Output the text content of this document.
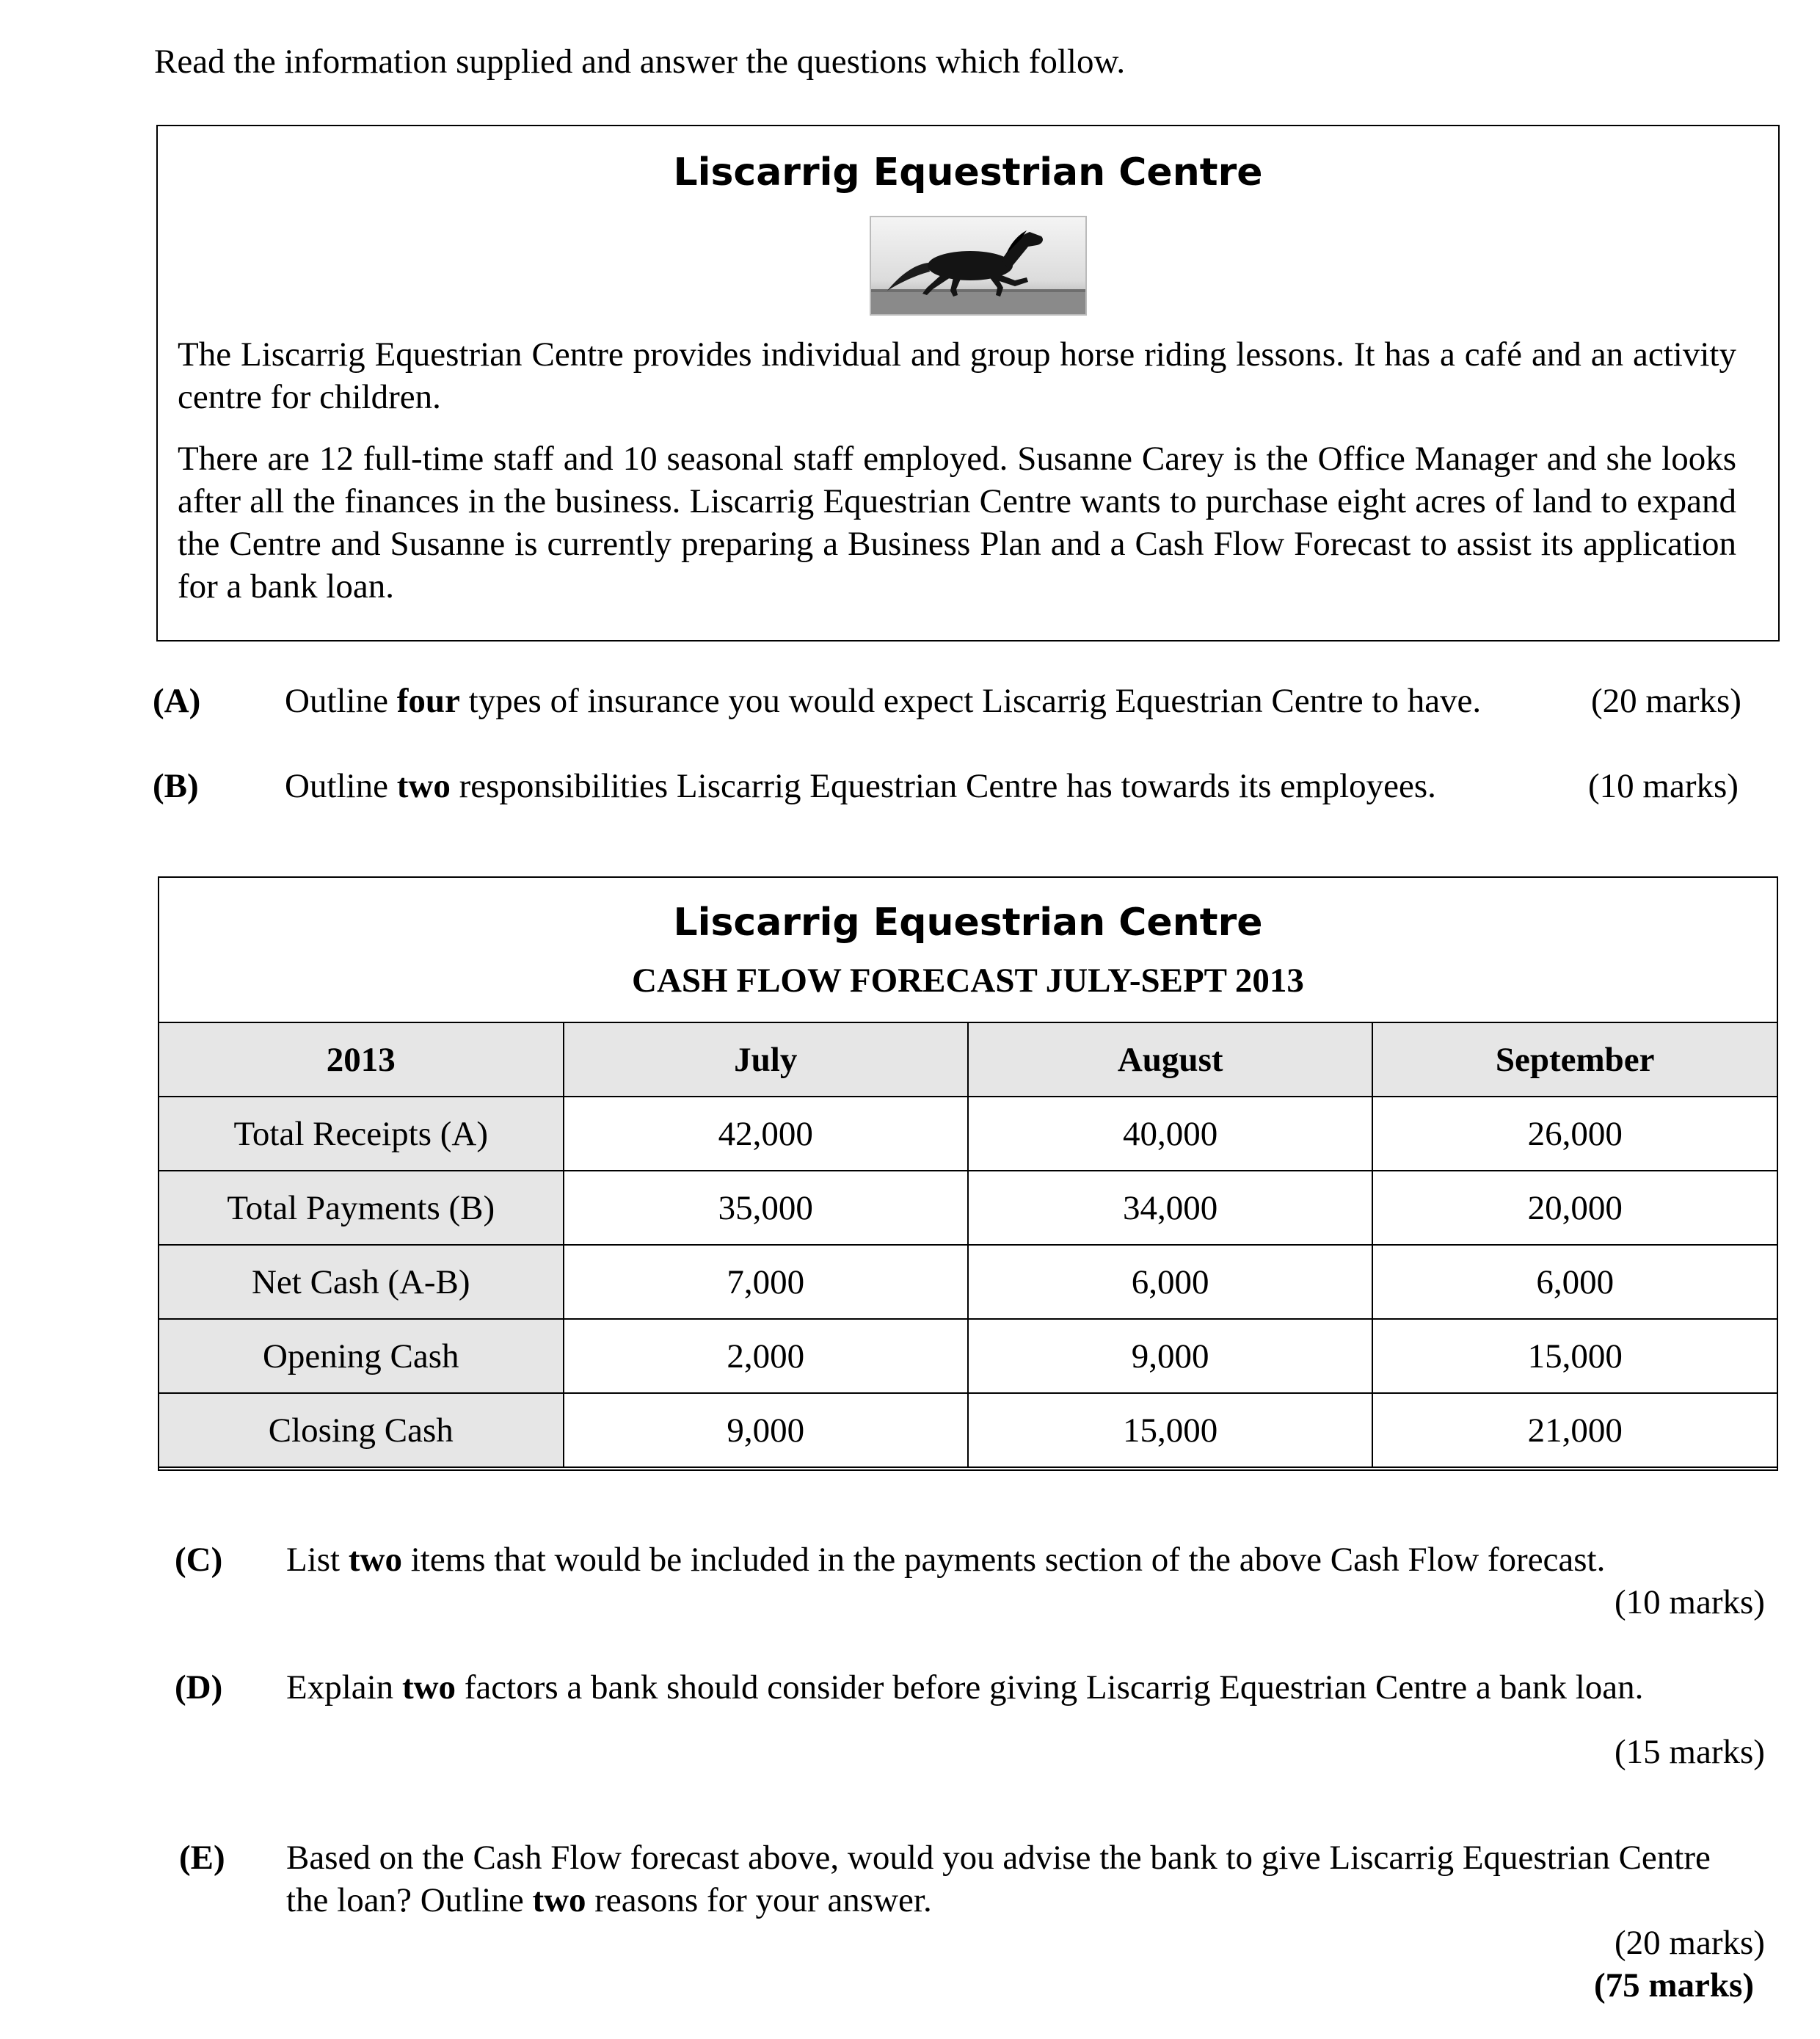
Read the information supplied and answer the questions which follow.

Liscarrig Equestrian Centre

The Liscarrig Equestrian Centre provides individual and group horse riding lessons. It has a café and an activity centre for children.

There are 12 full-time staff and 10 seasonal staff employed. Susanne Carey is the Office Manager and she looks after all the finances in the business. Liscarrig Equestrian Centre wants to purchase eight acres of land to expand the Centre and Susanne is currently preparing a Business Plan and a Cash Flow Forecast to assist its application for a bank loan.

(A) Outline four types of insurance you would expect Liscarrig Equestrian Centre to have.	(20 marks)
(B) Outline two responsibilities Liscarrig Equestrian Centre has towards its employees.	(10 marks)

Liscarrig Equestrian Centre

CASH FLOW FORECAST JULY-SEPT 2013

2013	July	August	September
Total Receipts (A)	42,000	40,000	26,000
Total Payments (B)	35,000	34,000	20,000
Net Cash (A-B)	7,000	6,000	6,000
Opening Cash	2,000	9,000	15,000
Closing Cash	9,000	15,000	21,000
(C) List two items that would be included in the payments section of the above Cash Flow forecast.
(10 marks)
(D) Explain two factors a bank should consider before giving Liscarrig Equestrian Centre a bank loan.
(15 marks)
(E) Based on the Cash Flow forecast above, would you advise the bank to give Liscarrig Equestrian Centre the loan? Outline two reasons for your answer.
(20 marks)
(75 marks)
